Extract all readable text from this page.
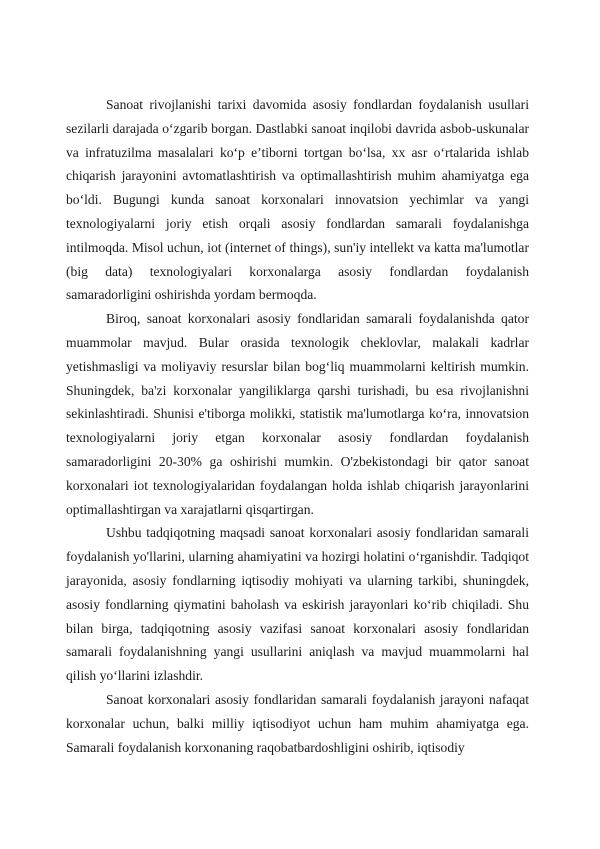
Sanoat rivojlanishi tarixi davomida asosiy fondlardan foydalanish usullari sezilarli darajada o‘zgarib borgan. Dastlabki sanoat inqilobi davrida asbob-uskunalar va infratuzilma masalalari ko‘p e’tiborni tortgan bo‘lsa, xx asr o‘rtalarida ishlab chiqarish jarayonini avtomatlashtirish va optimallashtirish muhim ahamiyatga ega bo‘ldi. Bugungi kunda sanoat korxonalari innovatsion yechimlar va yangi texnologiyalarni joriy etish orqali asosiy fondlardan samarali foydalanishga intilmoqda. Misol uchun, iot (internet of things), sun'iy intellekt va katta ma'lumotlar (big data) texnologiyalari korxonalarga asosiy fondlardan foydalanish samaradorligini oshirishda yordam bermoqda.

Biroq, sanoat korxonalari asosiy fondlaridan samarali foydalanishda qator muammolar mavjud. Bular orasida texnologik cheklovlar, malakali kadrlar yetishmasligi va moliyaviy resurslar bilan bog‘liq muammolarni keltirish mumkin. Shuningdek, ba'zi korxonalar yangiliklarga qarshi turishadi, bu esa rivojlanishni sekinlashtiradi. Shunisi e'tiborga molikki, statistik ma'lumotlarga ko‘ra, innovatsion texnologiyalarni joriy etgan korxonalar asosiy fondlardan foydalanish samaradorligini 20-30% ga oshirishi mumkin. O'zbekistondagi bir qator sanoat korxonalari iot texnologiyalaridan foydalangan holda ishlab chiqarish jarayonlarini optimallashtirgan va xarajatlarni qisqartirgan.

Ushbu tadqiqotning maqsadi sanoat korxonalari asosiy fondlaridan samarali foydalanish yo'llarini, ularning ahamiyatini va hozirgi holatini o‘rganishdir. Tadqiqot jarayonida, asosiy fondlarning iqtisodiy mohiyati va ularning tarkibi, shuningdek, asosiy fondlarning qiymatini baholash va eskirish jarayonlari ko‘rib chiqiladi. Shu bilan birga, tadqiqotning asosiy vazifasi sanoat korxonalari asosiy fondlaridan samarali foydalanishning yangi usullarini aniqlash va mavjud muammolarni hal qilish yo‘llarini izlashdir.

Sanoat korxonalari asosiy fondlaridan samarali foydalanish jarayoni nafaqat korxonalar uchun, balki milliy iqtisodiyot uchun ham muhim ahamiyatga ega. Samarali foydalanish korxonaning raqobatbardoshligini oshirib, iqtisodiy
